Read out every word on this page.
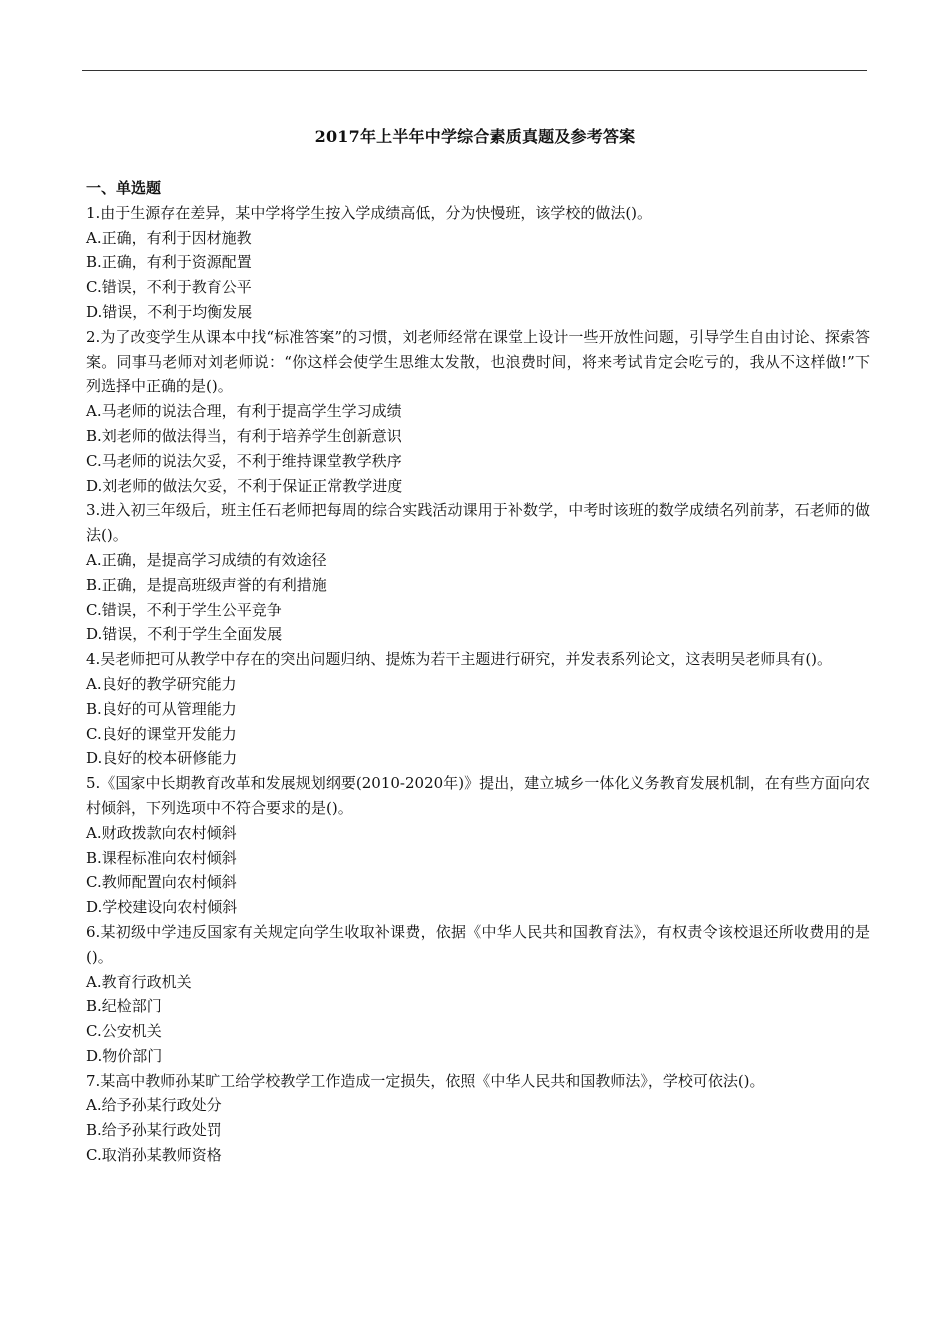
2017年上半年中学综合素质真题及参考答案

一、单选题

1.由于生源存在差异，某中学将学生按入学成绩高低，分为快慢班，该学校的做法()。

A.正确，有利于因材施教

B.正确，有利于资源配置

C.错误，不利于教育公平

D.错误，不利于均衡发展

2.为了改变学生从课本中找“标准答案”的习惯，刘老师经常在课堂上设计一些开放性问题，引导学生自由讨论、探索答案。同事马老师对刘老师说：“你这样会使学生思维太发散，也浪费时间，将来考试肯定会吃亏的，我从不这样做!”下列选择中正确的是()。

A.马老师的说法合理，有利于提高学生学习成绩

B.刘老师的做法得当，有利于培养学生创新意识

C.马老师的说法欠妥，不利于维持课堂教学秩序

D.刘老师的做法欠妥，不利于保证正常教学进度

3.进入初三年级后，班主任石老师把每周的综合实践活动课用于补数学，中考时该班的数学成绩名列前茅，石老师的做法()。

A.正确，是提高学习成绩的有效途径

B.正确，是提高班级声誉的有利措施

C.错误，不利于学生公平竞争

D.错误，不利于学生全面发展

4.吴老师把可从教学中存在的突出问题归纳、提炼为若干主题进行研究，并发表系列论文，这表明吴老师具有()。

A.良好的教学研究能力

B.良好的可从管理能力

C.良好的课堂开发能力

D.良好的校本研修能力

5.《国家中长期教育改革和发展规划纲要(2010-2020年)》提出，建立城乡一体化义务教育发展机制，在有些方面向农村倾斜，下列选项中不符合要求的是()。

A.财政拨款向农村倾斜

B.课程标准向农村倾斜

C.教师配置向农村倾斜

D.学校建设向农村倾斜

6.某初级中学违反国家有关规定向学生收取补课费，依据《中华人民共和国教育法》，有权责令该校退还所收费用的是()。

A.教育行政机关

B.纪检部门

C.公安机关

D.物价部门

7.某高中教师孙某旷工给学校教学工作造成一定损失，依照《中华人民共和国教师法》，学校可依法()。

A.给予孙某行政处分

B.给予孙某行政处罚

C.取消孙某教师资格
